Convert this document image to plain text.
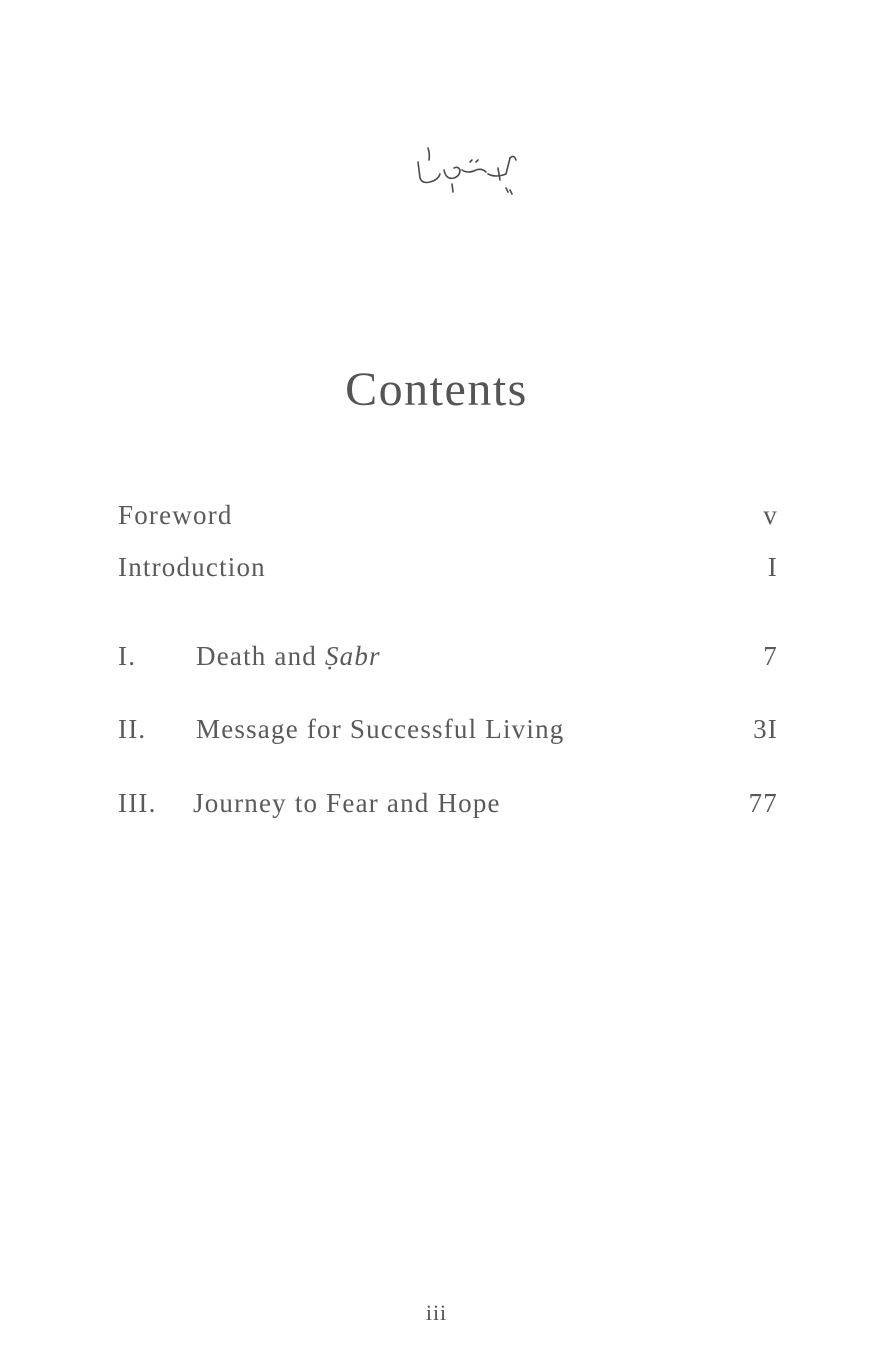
Contents
Foreword	v
Introduction	I
I. Death and Ṣabr	7
II. Message for Successful Living	3I
III. Journey to Fear and Hope	77
iii
